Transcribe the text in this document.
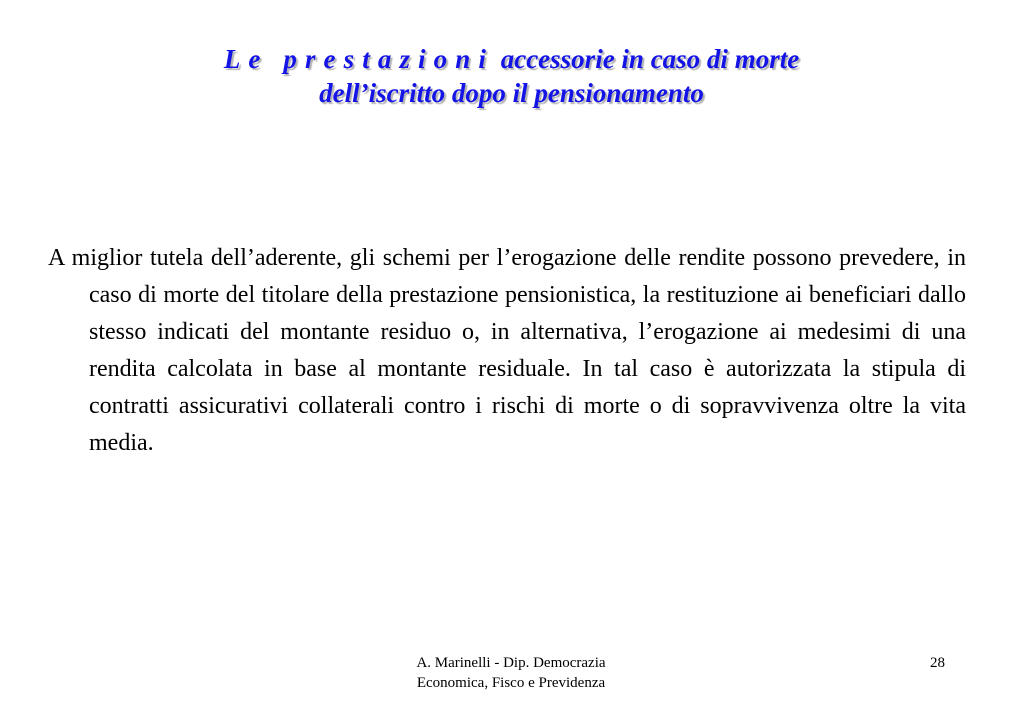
Le prestazioni accessorie in caso di morte
dell’iscritto dopo il pensionamento

A miglior tutela dell’aderente, gli schemi per l’erogazione delle rendite possono prevedere, in caso di morte del titolare della prestazione pensionistica, la restituzione ai beneficiari dallo stesso indicati del montante residuo o, in alternativa, l’erogazione ai medesimi di una rendita calcolata in base al montante residuale. In tal caso è autorizzata la stipula di contratti assicurativi collaterali contro i rischi di morte o di sopravvivenza oltre la vita media.

A. Marinelli - Dip. Democrazia
Economica, Fisco e Previdenza

28
